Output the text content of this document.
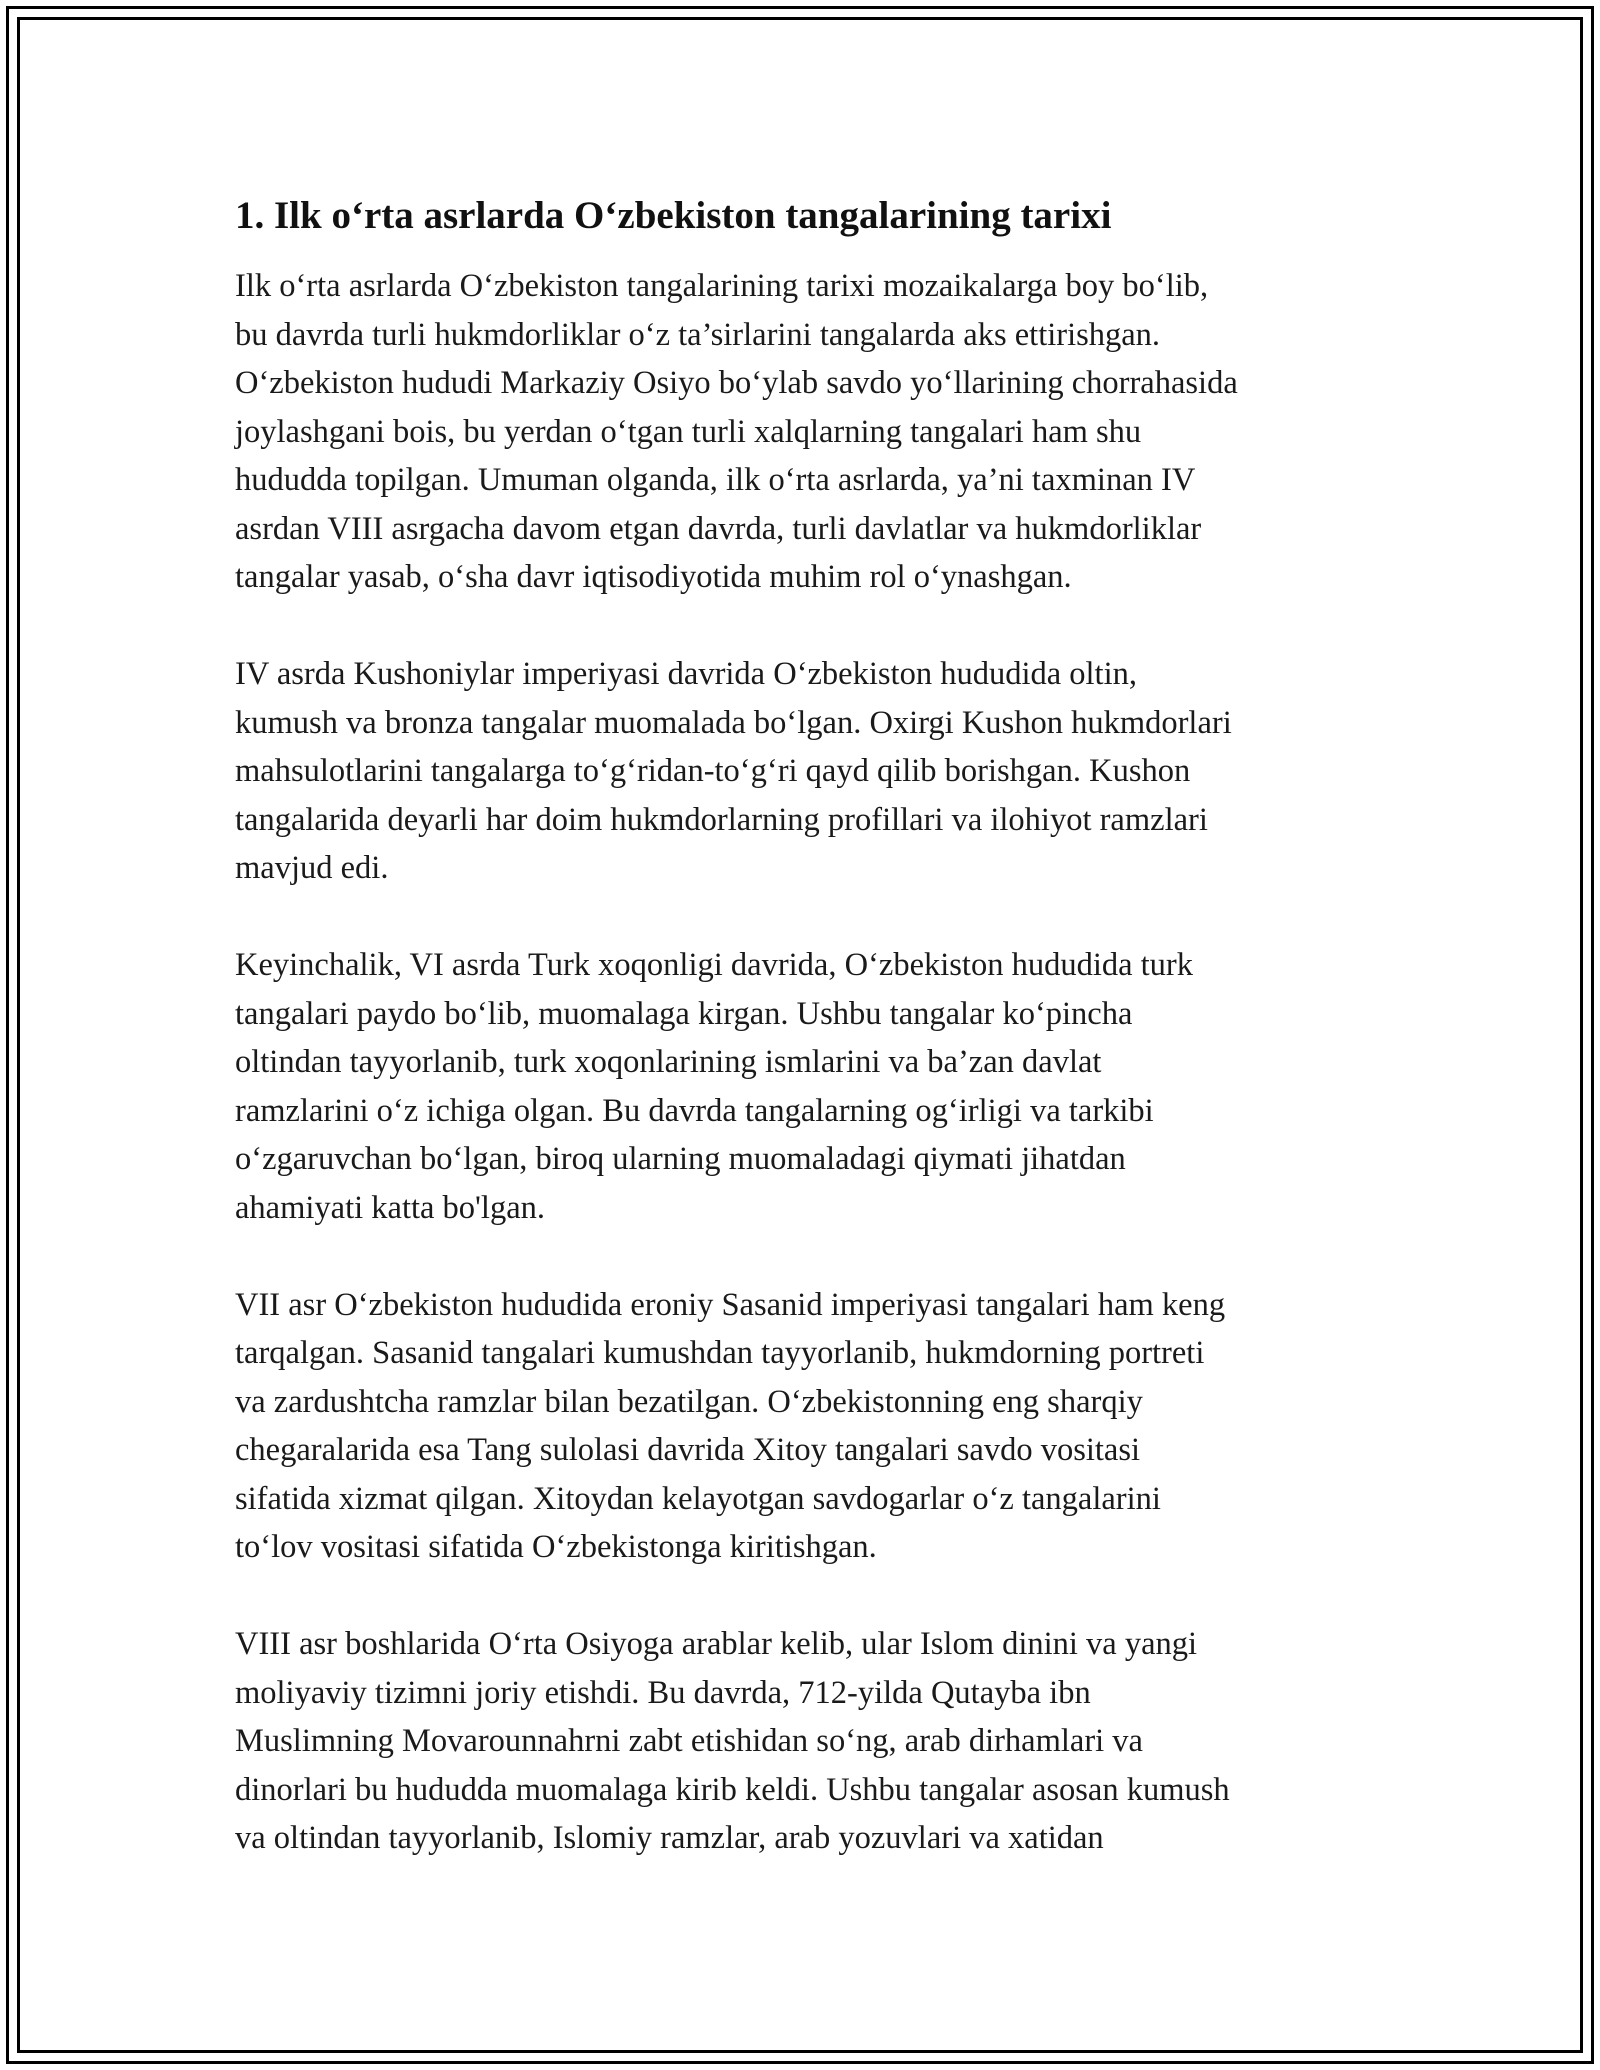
1. Ilk o‘rta asrlarda O‘zbekiston tangalarining tarixi

Ilk o‘rta asrlarda O‘zbekiston tangalarining tarixi mozaikalarga boy bo‘lib,
bu davrda turli hukmdorliklar o‘z ta’sirlarini tangalarda aks ettirishgan.
O‘zbekiston hududi Markaziy Osiyo bo‘ylab savdo yo‘llarining chorrahasida
joylashgani bois, bu yerdan o‘tgan turli xalqlarning tangalari ham shu
hududda topilgan. Umuman olganda, ilk o‘rta asrlarda, ya’ni taxminan IV
asrdan VIII asrgacha davom etgan davrda, turli davlatlar va hukmdorliklar
tangalar yasab, o‘sha davr iqtisodiyotida muhim rol o‘ynashgan.

IV asrda Kushoniylar imperiyasi davrida O‘zbekiston hududida oltin,
kumush va bronza tangalar muomalada bo‘lgan. Oxirgi Kushon hukmdorlari
mahsulotlarini tangalarga to‘g‘ridan-to‘g‘ri qayd qilib borishgan. Kushon
tangalarida deyarli har doim hukmdorlarning profillari va ilohiyot ramzlari
mavjud edi.

Keyinchalik, VI asrda Turk xoqonligi davrida, O‘zbekiston hududida turk
tangalari paydo bo‘lib, muomalaga kirgan. Ushbu tangalar ko‘pincha
oltindan tayyorlanib, turk xoqonlarining ismlarini va ba’zan davlat
ramzlarini o‘z ichiga olgan. Bu davrda tangalarning og‘irligi va tarkibi
o‘zgaruvchan bo‘lgan, biroq ularning muomaladagi qiymati jihatdan
ahamiyati katta bo'lgan.

VII asr O‘zbekiston hududida eroniy Sasanid imperiyasi tangalari ham keng
tarqalgan. Sasanid tangalari kumushdan tayyorlanib, hukmdorning portreti
va zardushtcha ramzlar bilan bezatilgan. O‘zbekistonning eng sharqiy
chegaralarida esa Tang sulolasi davrida Xitoy tangalari savdo vositasi
sifatida xizmat qilgan. Xitoydan kelayotgan savdogarlar o‘z tangalarini
to‘lov vositasi sifatida O‘zbekistonga kiritishgan.

VIII asr boshlarida O‘rta Osiyoga arablar kelib, ular Islom dinini va yangi
moliyaviy tizimni joriy etishdi. Bu davrda, 712-yilda Qutayba ibn
Muslimning Movarounnahrni zabt etishidan so‘ng, arab dirhamlari va
dinorlari bu hududda muomalaga kirib keldi. Ushbu tangalar asosan kumush
va oltindan tayyorlanib, Islomiy ramzlar, arab yozuvlari va xatidan
